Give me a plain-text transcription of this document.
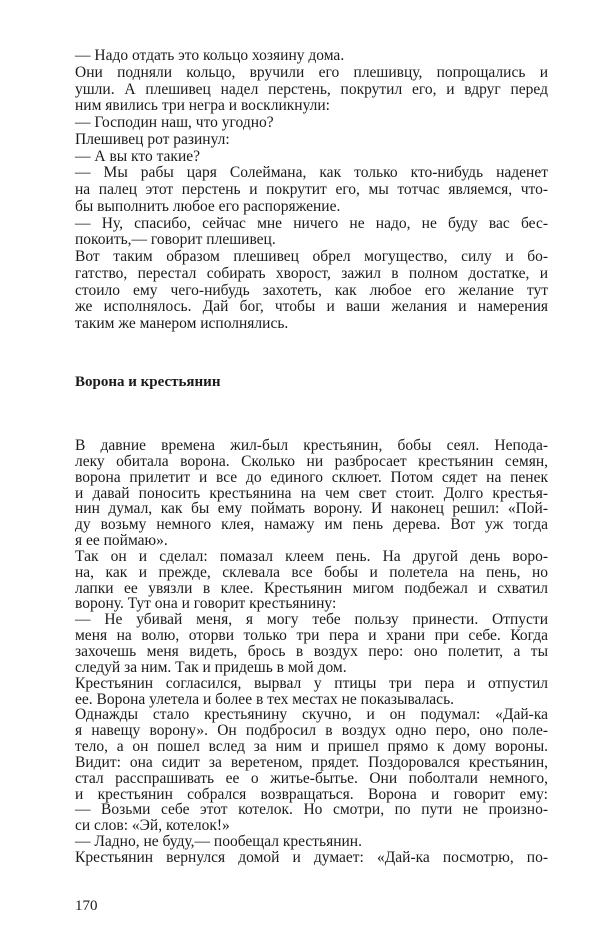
— Надо отдать это кольцо хозяину дома.
Они подняли кольцо, вручили его плешивцу, попрощались и
ушли. А плешивец надел перстень, покрутил его, и вдруг перед
ним явились три негра и воскликнули:
— Господин наш, что угодно?
Плешивец рот разинул:
— А вы кто такие?
— Мы рабы царя Солеймана, как только кто-нибудь наденет
на палец этот перстень и покрутит его, мы тотчас являемся, что-
бы выполнить любое его распоряжение.
— Ну, спасибо, сейчас мне ничего не надо, не буду вас бес-
покоить,— говорит плешивец.
Вот таким образом плешивец обрел могущество, силу и бо-
гатство, перестал собирать хворост, зажил в полном достатке, и
стоило ему чего-нибудь захотеть, как любое его желание тут
же исполнялось. Дай бог, чтобы и ваши желания и намерения
таким же манером исполнялись.
Ворона и крестьянин
В давние времена жил-был крестьянин, бобы сеял. Непода-
леку обитала ворона. Сколько ни разбросает крестьянин семян,
ворона прилетит и все до единого склюет. Потом сядет на пенек
и давай поносить крестьянина на чем свет стоит. Долго крестья-
нин думал, как бы ему поймать ворону. И наконец решил: «Пой-
ду возьму немного клея, намажу им пень дерева. Вот уж тогда
я ее поймаю».
Так он и сделал: помазал клеем пень. На другой день воро-
на, как и прежде, склевала все бобы и полетела на пень, но
лапки ее увязли в клее. Крестьянин мигом подбежал и схватил
ворону. Тут она и говорит крестьянину:
— Не убивай меня, я могу тебе пользу принести. Отпусти
меня на волю, оторви только три пера и храни при себе. Когда
захочешь меня видеть, брось в воздух перо: оно полетит, а ты
следуй за ним. Так и придешь в мой дом.
Крестьянин согласился, вырвал у птицы три пера и отпустил
ее. Ворона улетела и более в тех местах не показывалась.
Однажды стало крестьянину скучно, и он подумал: «Дай-ка
я навещу ворону». Он подбросил в воздух одно перо, оно поле-
тело, а он пошел вслед за ним и пришел прямо к дому вороны.
Видит: она сидит за веретеном, прядет. Поздоровался крестьянин,
стал расспрашивать ее о житье-бытье. Они поболтали немного,
и крестьянин собрался возвращаться. Ворона и говорит ему:
— Возьми себе этот котелок. Но смотри, по пути не произно-
си слов: «Эй, котелок!»
— Ладно, не буду,— пообещал крестьянин.
Крестьянин вернулся домой и думает: «Дай-ка посмотрю, по-
170
